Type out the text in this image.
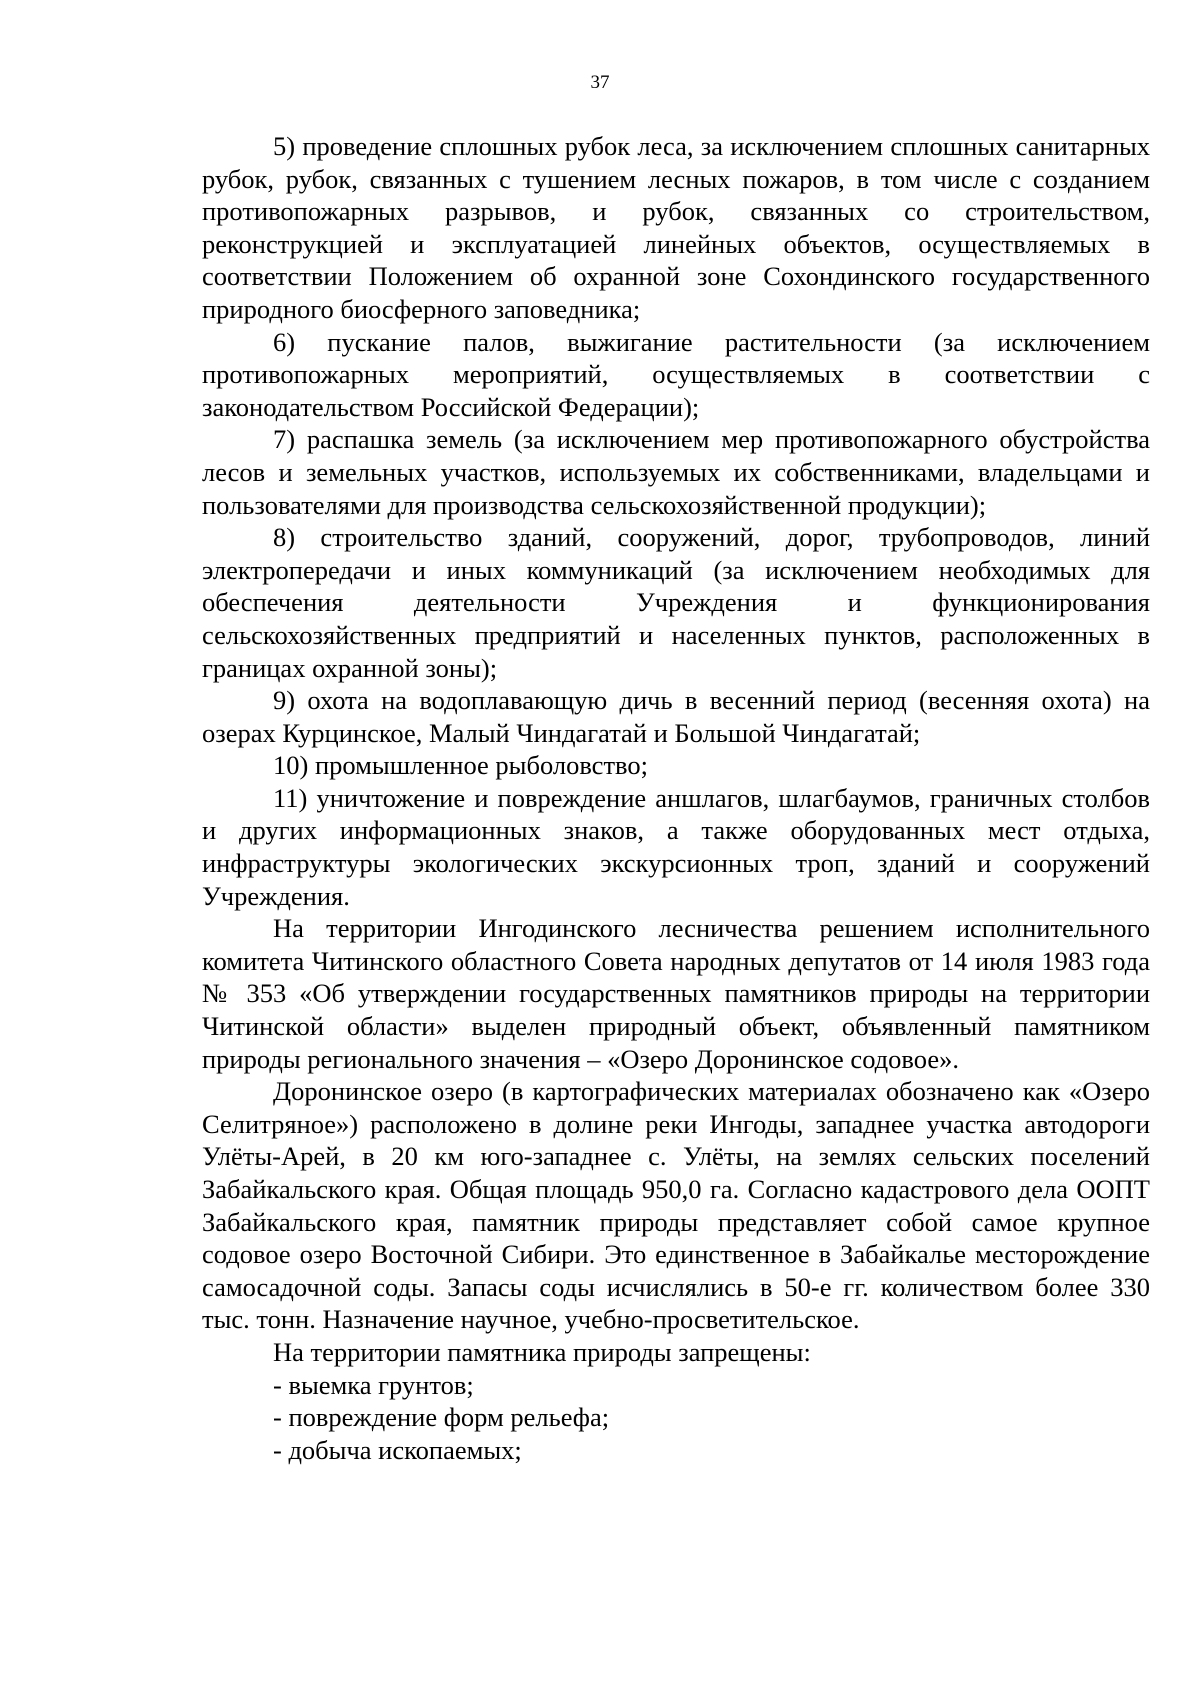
37

5) проведение сплошных рубок леса, за исключением сплошных санитарных рубок, рубок, связанных с тушением лесных пожаров, в том числе с созданием противопожарных разрывов, и рубок, связанных со строительством, реконструкцией и эксплуатацией линейных объектов, осуществляемых в соответствии Положением об охранной зоне Сохондинского государственного природного биосферного заповедника;

6) пускание палов, выжигание растительности (за исключением противопожарных мероприятий, осуществляемых в соответствии с законодательством Российской Федерации);

7) распашка земель (за исключением мер противопожарного обустройства лесов и земельных участков, используемых их собственниками, владельцами и пользователями для производства сельскохозяйственной продукции);

8) строительство зданий, сооружений, дорог, трубопроводов, линий электропередачи и иных коммуникаций (за исключением необходимых для обеспечения деятельности Учреждения и функционирования сельскохозяйственных предприятий и населенных пунктов, расположенных в границах охранной зоны);

9) охота на водоплавающую дичь в весенний период (весенняя охота) на озерах Курцинское, Малый Чиндагатай и Большой Чиндагатай;

10) промышленное рыболовство;

11) уничтожение и повреждение аншлагов, шлагбаумов, граничных столбов и других информационных знаков, а также оборудованных мест отдыха, инфраструктуры экологических экскурсионных троп, зданий и сооружений Учреждения.

На территории Ингодинского лесничества решением исполнительного комитета Читинского областного Совета народных депутатов от 14 июля 1983 года № 353 «Об утверждении государственных памятников природы на территории Читинской области» выделен природный объект, объявленный памятником природы регионального значения – «Озеро Доронинское содовое».

Доронинское озеро (в картографических материалах обозначено как «Озеро Селитряное») расположено в долине реки Ингоды, западнее участка автодороги Улёты-Арей, в 20 км юго-западнее с. Улёты, на землях сельских поселений Забайкальского края. Общая площадь 950,0 га. Согласно кадастрового дела ООПТ Забайкальского края, памятник природы представляет собой самое крупное содовое озеро Восточной Сибири. Это единственное в Забайкалье месторождение самосадочной соды. Запасы соды исчислялись в 50-е гг. количеством более 330 тыс. тонн. Назначение научное, учебно-просветительское.

На территории памятника природы запрещены:

- выемка грунтов;

- повреждение форм рельефа;

- добыча ископаемых;
